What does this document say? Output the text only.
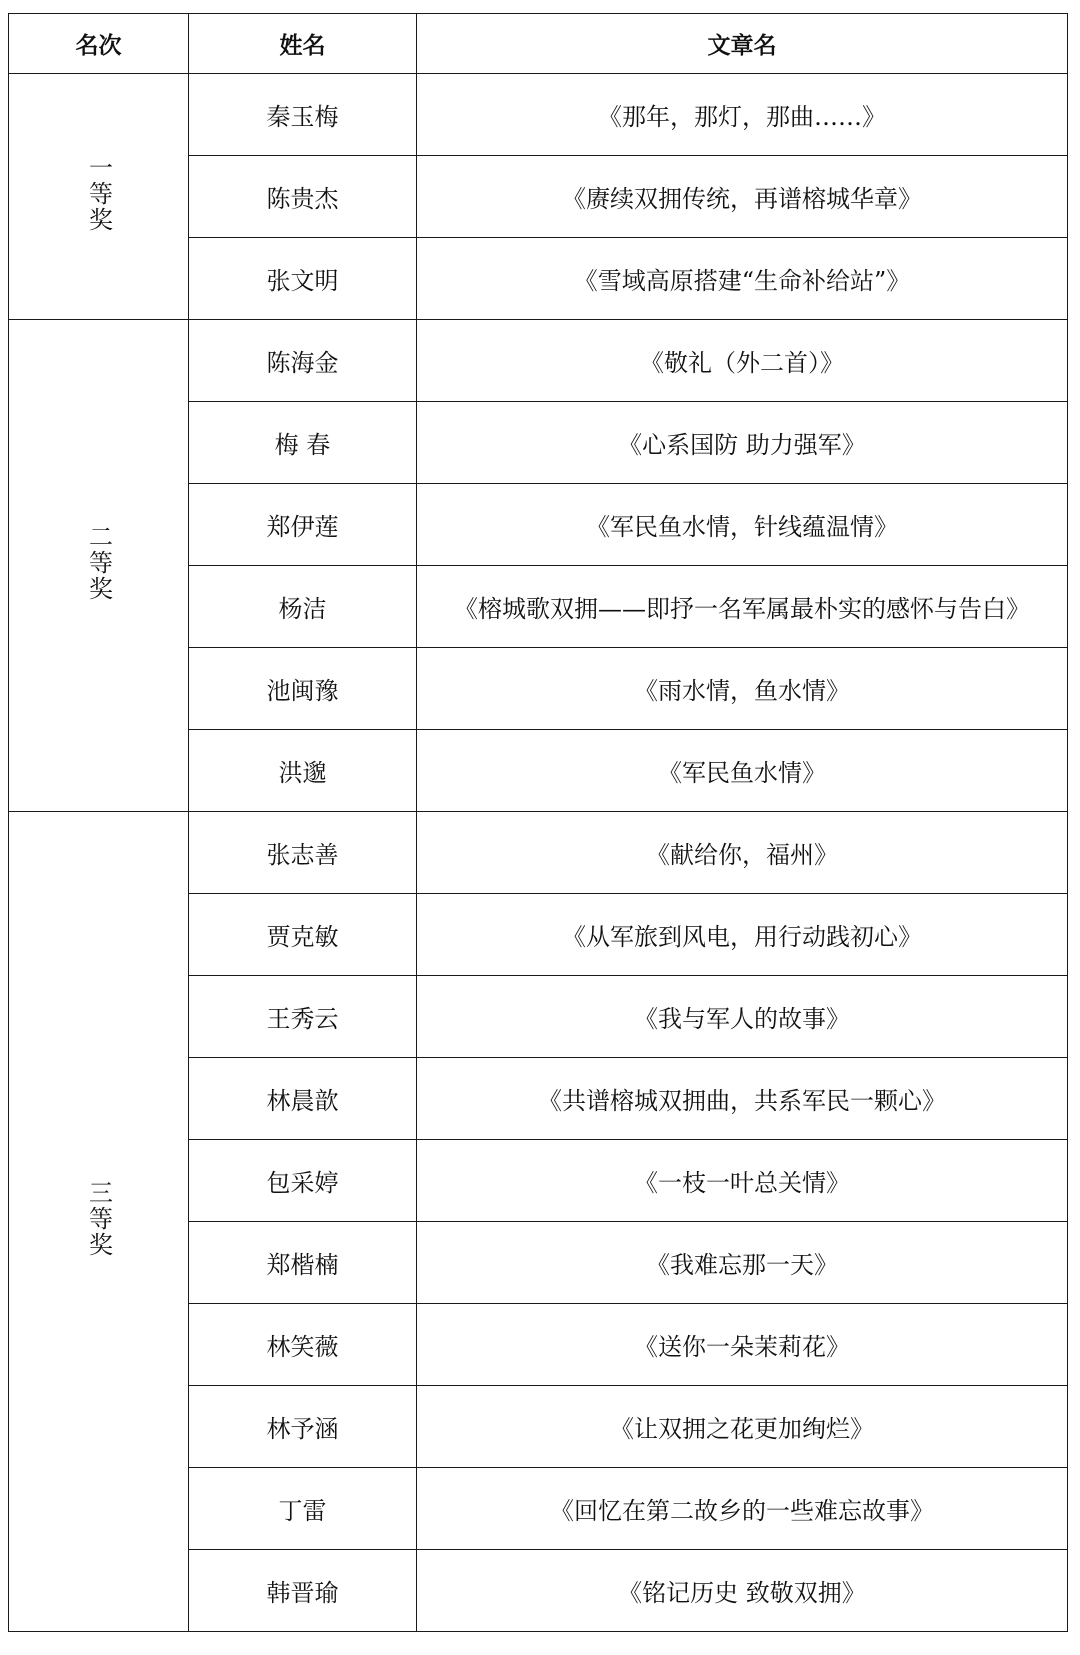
名次	姓名	文章名
一等奖	秦玉梅	《那年，那灯，那曲……》
	陈贵杰	《赓续双拥传统，再谱榕城华章》
	张文明	《雪域高原搭建“生命补给站”》
二等奖	陈海金	《敬礼（外二首）》
	梅 春	《心系国防 助力强军》
	郑伊莲	《军民鱼水情，针线蕴温情》
	杨洁	《榕城歌双拥——即抒一名军属最朴实的感怀与告白》
	池闽豫	《雨水情，鱼水情》
	洪邈	《军民鱼水情》
三等奖	张志善	《献给你，福州》
	贾克敏	《从军旅到风电，用行动践初心》
	王秀云	《我与军人的故事》
	林晨歆	《共谱榕城双拥曲，共系军民一颗心》
	包采婷	《一枝一叶总关情》
	郑楷楠	《我难忘那一天》
	林笑薇	《送你一朵茉莉花》
	林予涵	《让双拥之花更加绚烂》
	丁雷	《回忆在第二故乡的一些难忘故事》
	韩晋瑜	《铭记历史 致敬双拥》
